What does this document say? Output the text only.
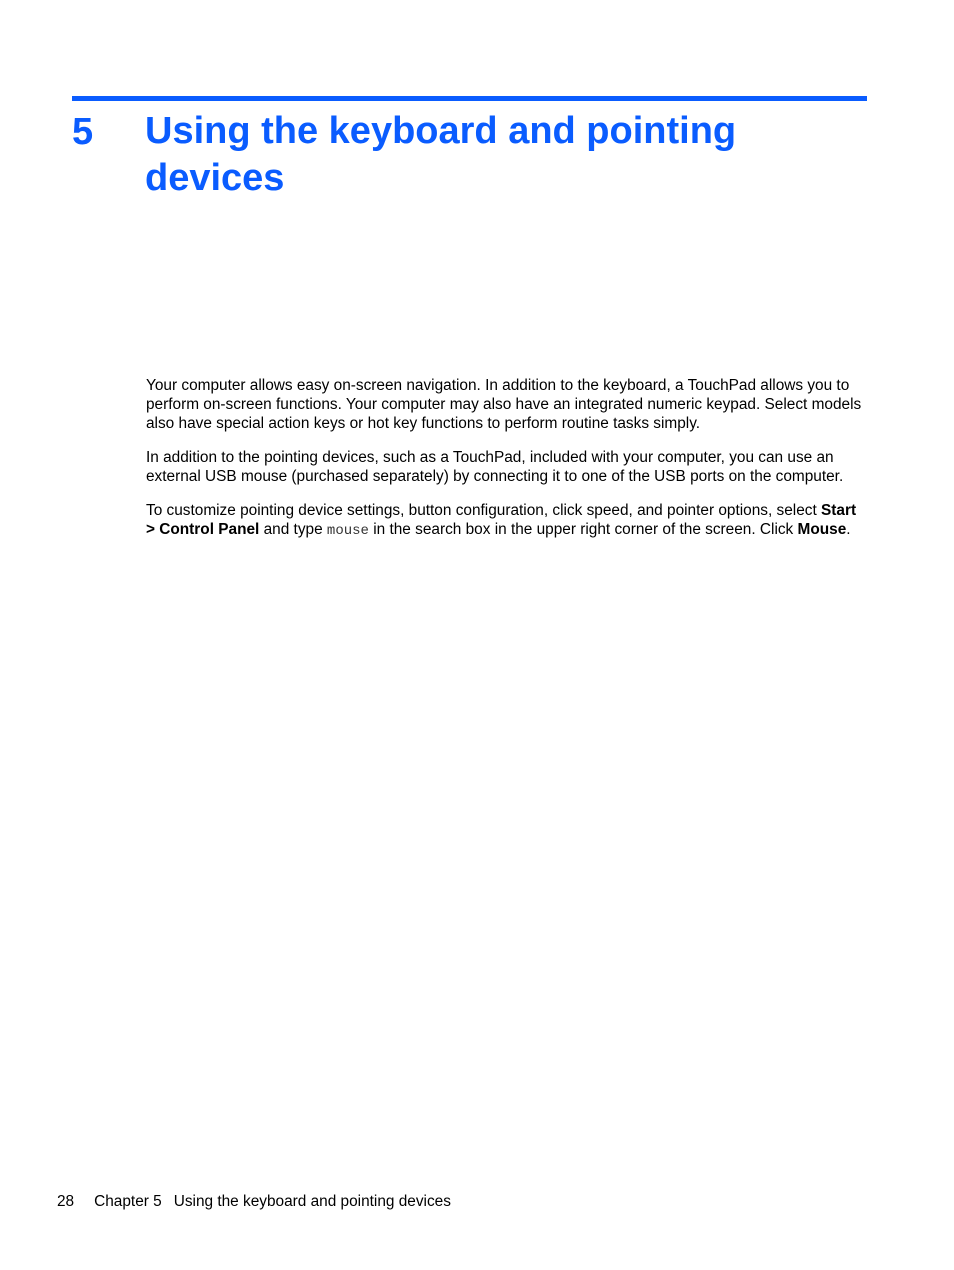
5 Using the keyboard and pointing devices

Your computer allows easy on-screen navigation. In addition to the keyboard, a TouchPad allows you to perform on-screen functions. Your computer may also have an integrated numeric keypad. Select models also have special action keys or hot key functions to perform routine tasks simply.

In addition to the pointing devices, such as a TouchPad, included with your computer, you can use an external USB mouse (purchased separately) by connecting it to one of the USB ports on the computer.

To customize pointing device settings, button configuration, click speed, and pointer options, select Start > Control Panel and type mouse in the search box in the upper right corner of the screen. Click Mouse.

28 Chapter 5 Using the keyboard and pointing devices
